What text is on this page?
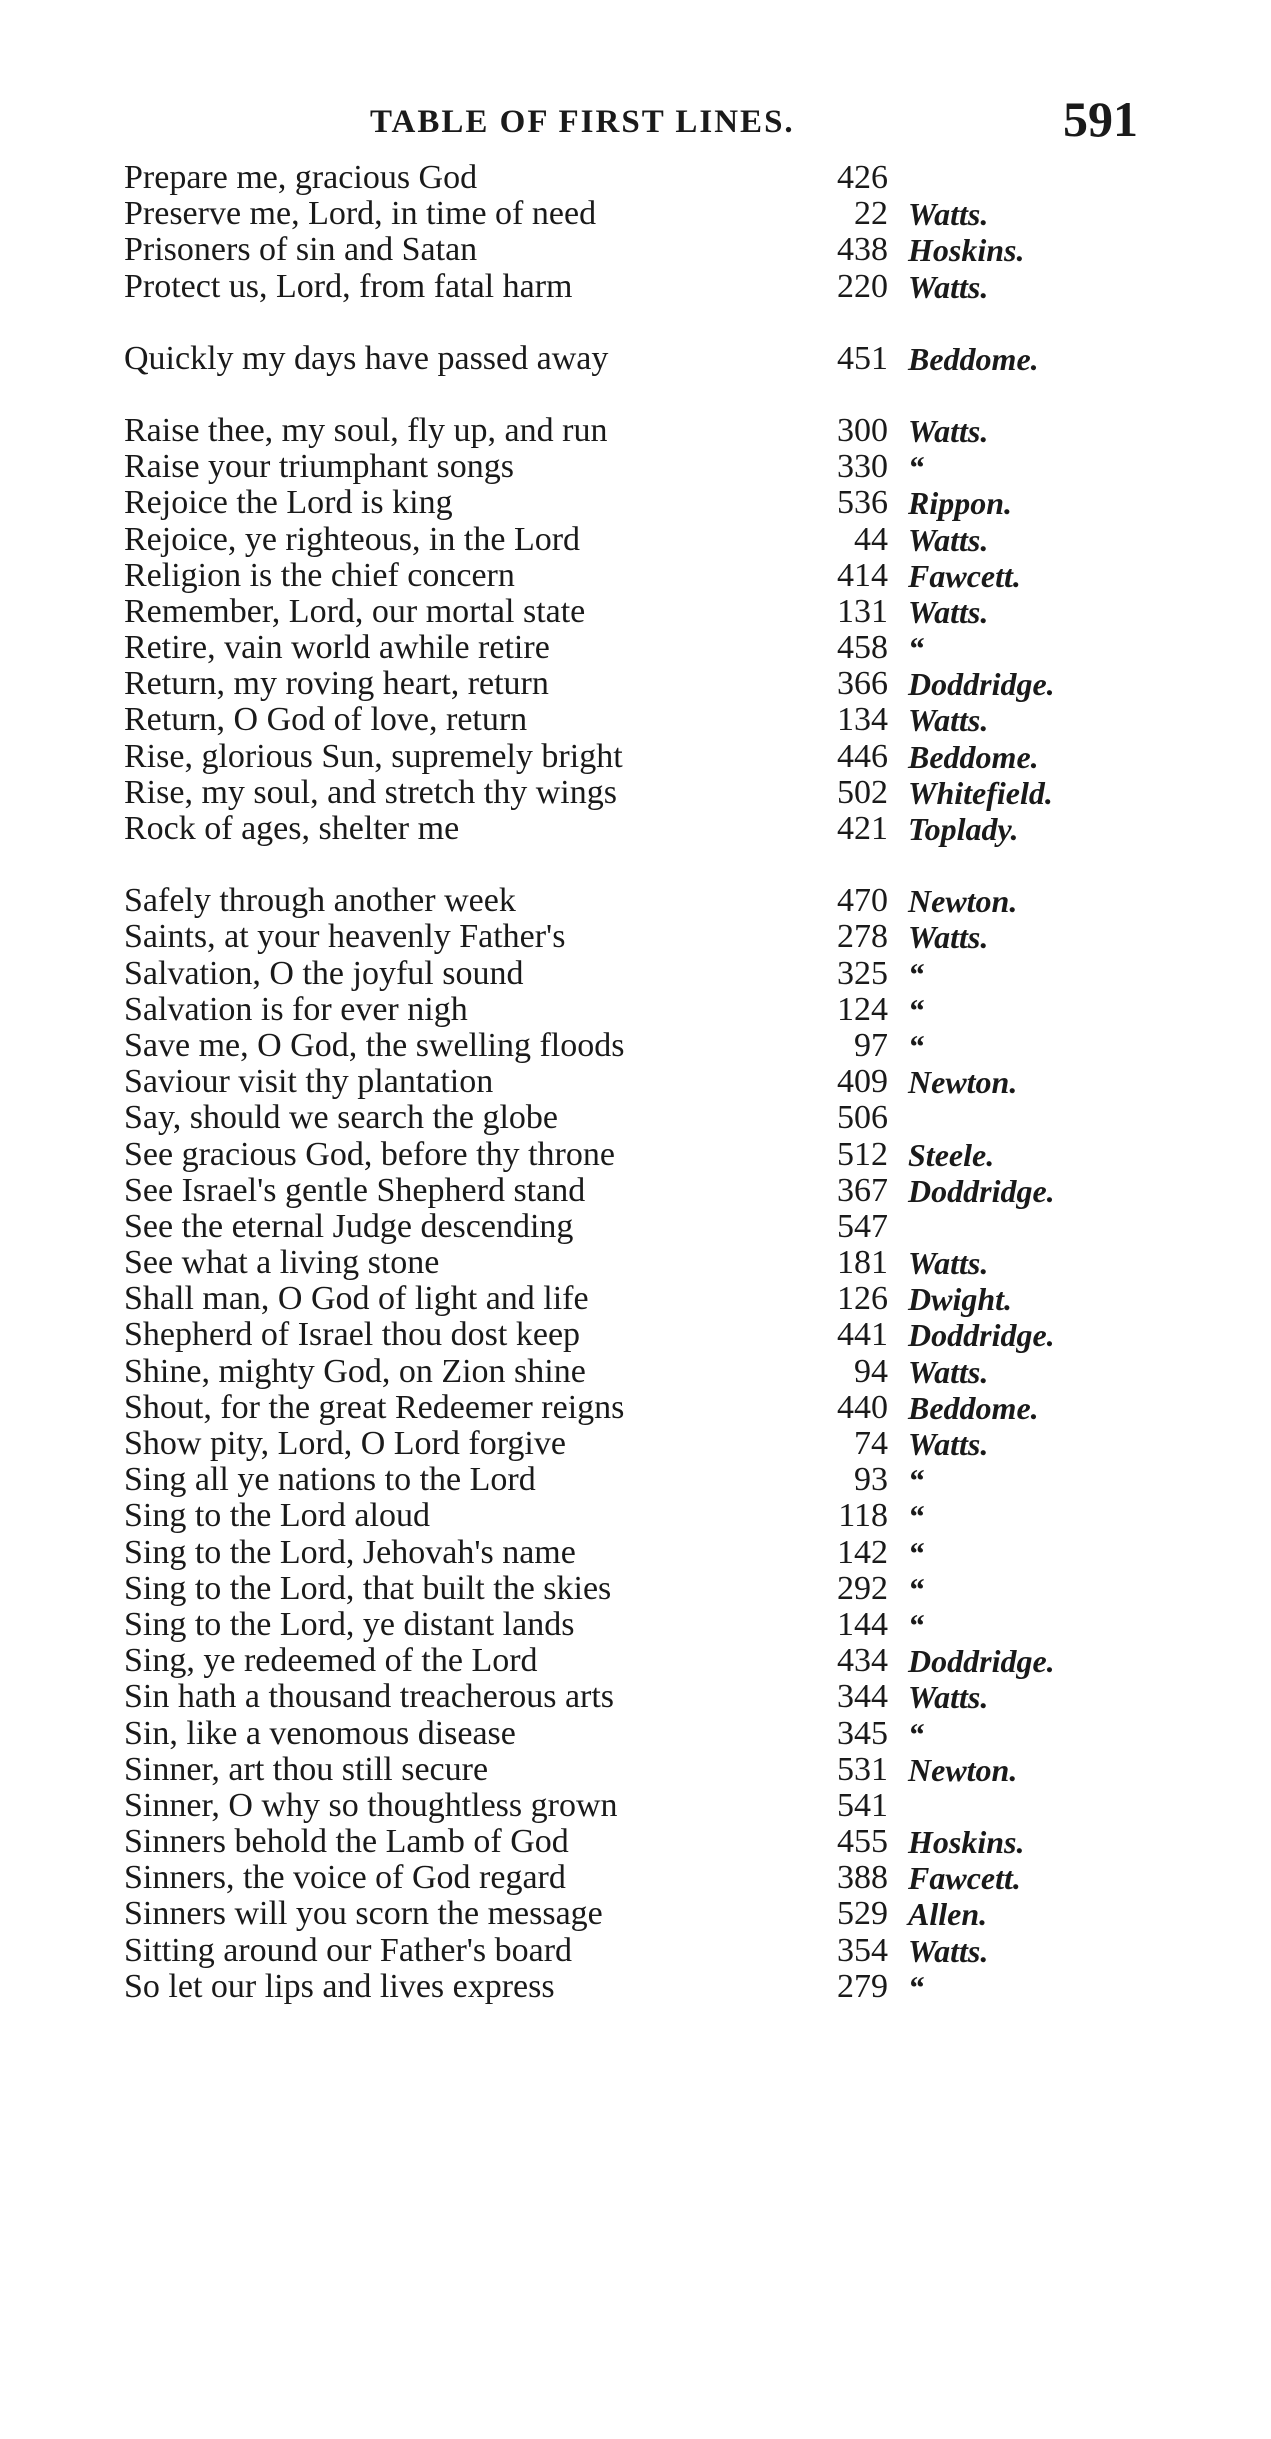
TABLE OF FIRST LINES.	591
Prepare me, gracious God	426
Preserve me, Lord, in time of need	22 Watts.
Prisoners of sin and Satan	438 Hoskins.
Protect us, Lord, from fatal harm	220 Watts.
Quickly my days have passed away	451 Beddome.
Raise thee, my soul, fly up, and run	300 Watts.
Raise your triumphant songs	330 “
Rejoice the Lord is king	536 Rippon.
Rejoice, ye righteous, in the Lord	44 Watts.
Religion is the chief concern	414 Fawcett.
Remember, Lord, our mortal state	131 Watts.
Retire, vain world awhile retire	458 “
Return, my roving heart, return	366 Doddridge.
Return, O God of love, return	134 Watts.
Rise, glorious Sun, supremely bright	446 Beddome.
Rise, my soul, and stretch thy wings	502 Whitefield.
Rock of ages, shelter me	421 Toplady.
Safely through another week	470 Newton.
Saints, at your heavenly Father's	278 Watts.
Salvation, O the joyful sound	325 “
Salvation is for ever nigh	124 “
Save me, O God, the swelling floods	97 “
Saviour visit thy plantation	409 Newton.
Say, should we search the globe	506
See gracious God, before thy throne	512 Steele.
See Israel's gentle Shepherd stand	367 Doddridge.
See the eternal Judge descending	547
See what a living stone	181 Watts.
Shall man, O God of light and life	126 Dwight.
Shepherd of Israel thou dost keep	441 Doddridge.
Shine, mighty God, on Zion shine	94 Watts.
Shout, for the great Redeemer reigns	440 Beddome.
Show pity, Lord, O Lord forgive	74 Watts.
Sing all ye nations to the Lord	93 “
Sing to the Lord aloud	118 “
Sing to the Lord, Jehovah's name	142 “
Sing to the Lord, that built the skies	292 “
Sing to the Lord, ye distant lands	144 “
Sing, ye redeemed of the Lord	434 Doddridge.
Sin hath a thousand treacherous arts	344 Watts.
Sin, like a venomous disease	345 “
Sinner, art thou still secure	531 Newton.
Sinner, O why so thoughtless grown	541
Sinners behold the Lamb of God	455 Hoskins.
Sinners, the voice of God regard	388 Fawcett.
Sinners will you scorn the message	529 Allen.
Sitting around our Father's board	354 Watts.
So let our lips and lives express	279 “
